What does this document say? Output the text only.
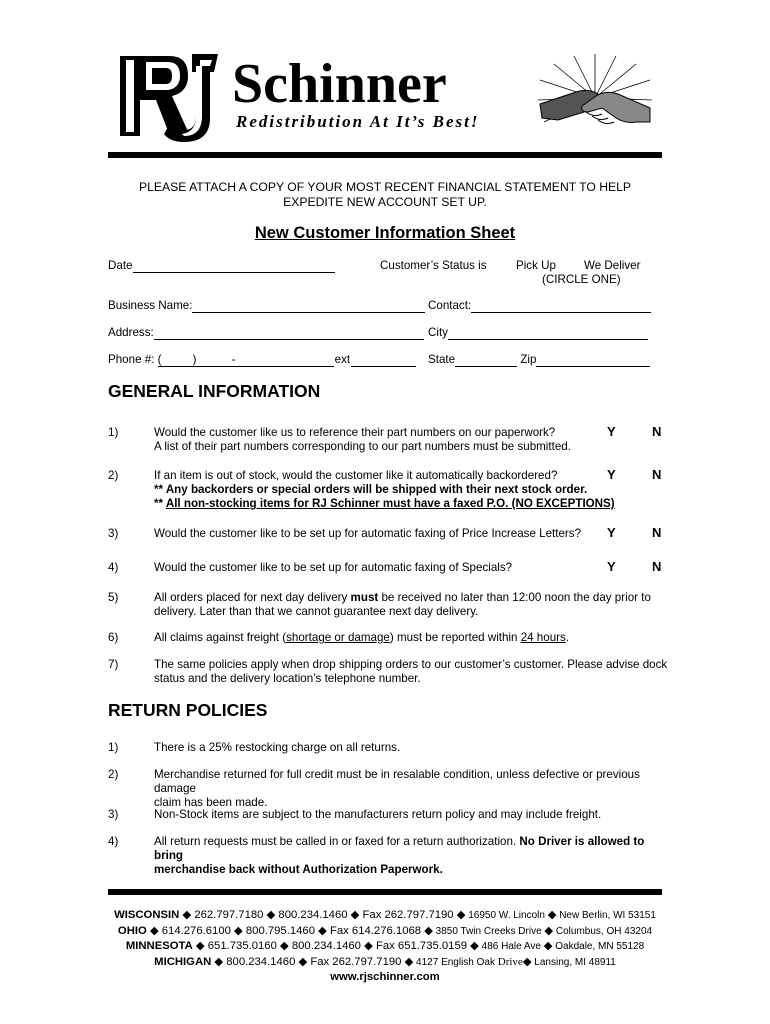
Schinner
Redistribution At It’s Best!
PLEASE ATTACH A COPY OF YOUR MOST RECENT FINANCIAL STATEMENT TO HELP
EXPEDITE NEW ACCOUNT SET UP.
New Customer Information Sheet
Date	Customer’s Status is	Pick Up We Deliver
(CIRCLE ONE)
Business Name:	Contact:
Address:	City
Phone #: (	)	-	ext	State	Zip
GENERAL INFORMATION
1)	Would the customer like us to reference their part numbers on our paperwork?
A list of their part numbers corresponding to our part numbers must be submitted.
Y	N
2)	If an item is out of stock, would the customer like it automatically backordered?
** Any backorders or special orders will be shipped with their next stock order.
** All non-stocking items for RJ Schinner must have a faxed P.O. (NO EXCEPTIONS)
Y	N
3)	Would the customer like to be set up for automatic faxing of Price Increase Letters?	Y	N
4)	Would the customer like to be set up for automatic faxing of Specials?	Y	N
5)	All orders placed for next day delivery must be received no later than 12:00 noon the day prior to
delivery. Later than that we cannot guarantee next day delivery.
6)	All claims against freight (shortage or damage) must be reported within 24 hours.
7)	The same policies apply when drop shipping orders to our customer’s customer. Please advise dock
status and the delivery location’s telephone number.
RETURN POLICIES
1)	There is a 25% restocking charge on all returns.
2)	Merchandise returned for full credit must be in resalable condition, unless defective or previous damage
claim has been made.
3)	Non-Stock items are subject to the manufacturers return policy and may include freight.
4)	All return requests must be called in or faxed for a return authorization. No Driver is allowed to bring
merchandise back without Authorization Paperwork.
WISCONSIN ◆ 262.797.7180 ◆ 800.234.1460 ◆ Fax 262.797.7190 ◆ 16950 W. Lincoln ◆ New Berlin, WI 53151
OHIO ◆ 614.276.6100 ◆ 800.795.1460 ◆ Fax 614.276.1068 ◆ 3850 Twin Creeks Drive ◆ Columbus, OH 43204
MINNESOTA ◆ 651.735.0160 ◆ 800.234.1460 ◆ Fax 651.735.0159 ◆ 486 Hale Ave ◆ Oakdale, MN 55128
MICHIGAN ◆ 800.234.1460 ◆ Fax 262.797.7190 ◆ 4127 English Oak Drive◆ Lansing, MI 48911
www.rjschinner.com
